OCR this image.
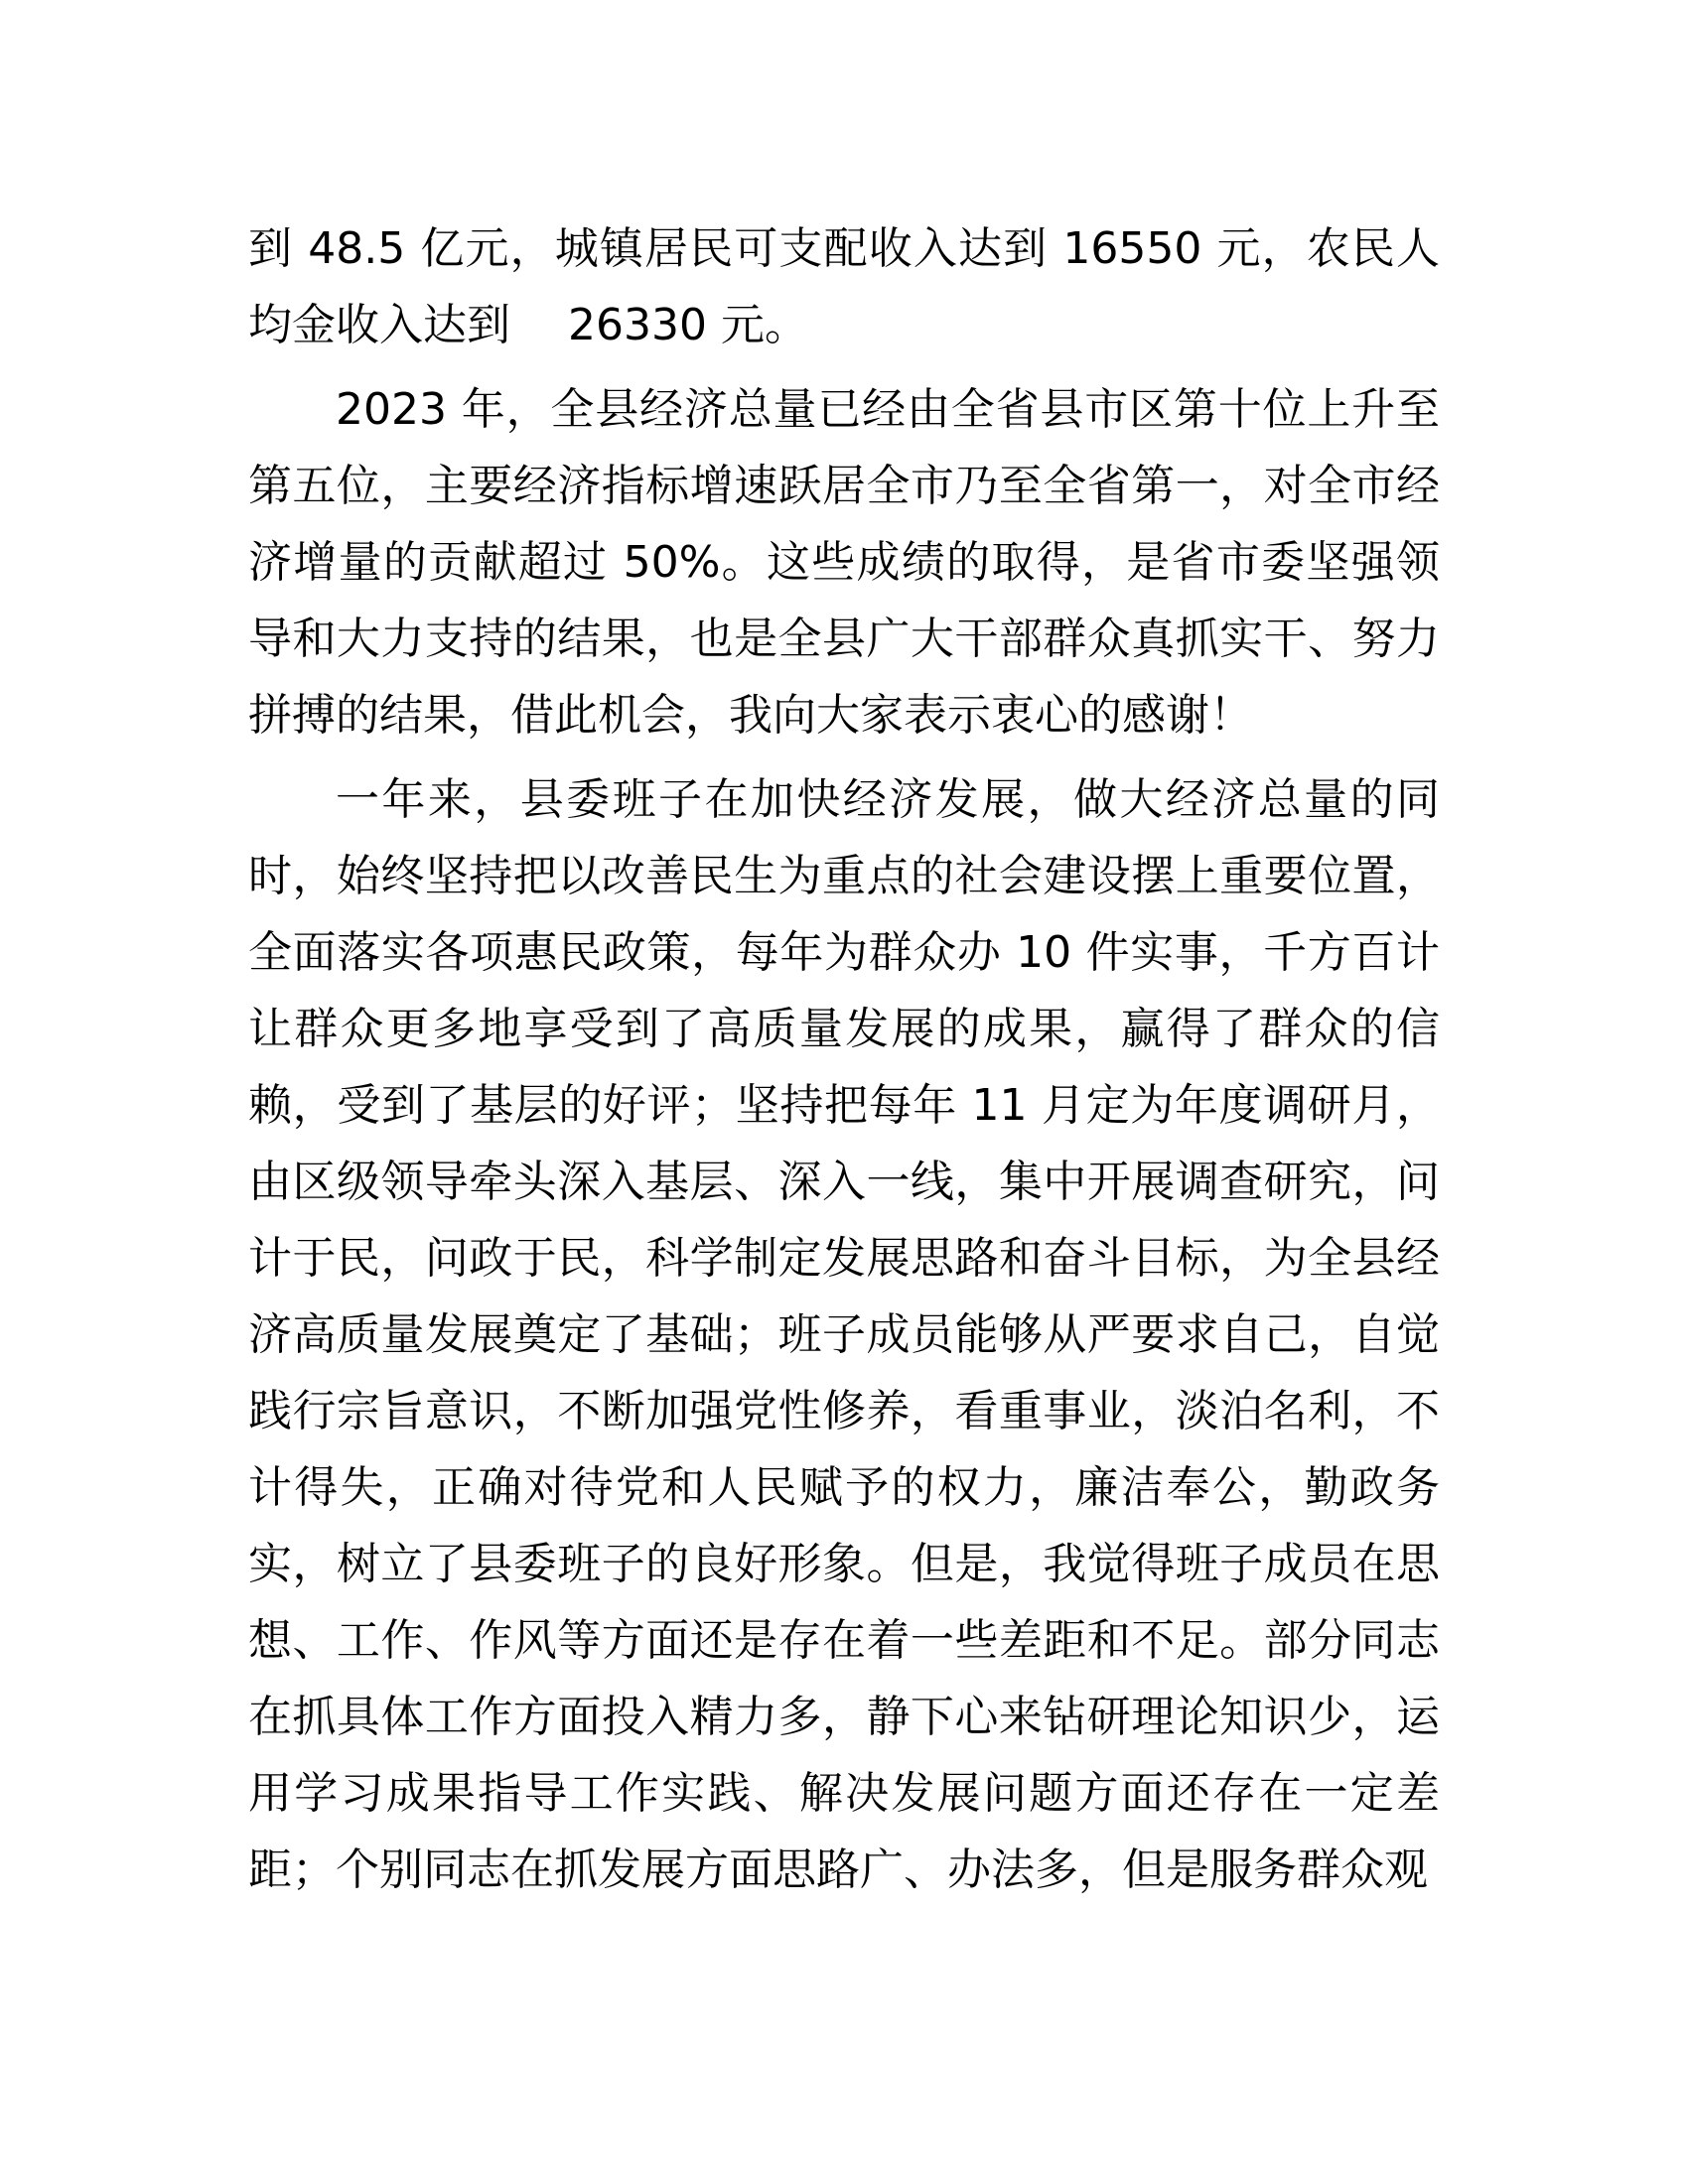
到 48.5 亿元，城镇居民可支配收入达到 16550 元，农民人均金收入达到　 26330 元。

2023 年，全县经济总量已经由全省县市区第十位上升至第五位，主要经济指标增速跃居全市乃至全省第一，对全市经济增量的贡献超过 50%。这些成绩的取得，是省市委坚强领导和大力支持的结果，也是全县广大干部群众真抓实干、努力拼搏的结果，借此机会，我向大家表示衷心的感谢！

一年来，县委班子在加快经济发展，做大经济总量的同时，始终坚持把以改善民生为重点的社会建设摆上重要位置，全面落实各项惠民政策，每年为群众办 10 件实事，千方百计让群众更多地享受到了高质量发展的成果，赢得了群众的信赖，受到了基层的好评；坚持把每年 11 月定为年度调研月，由区级领导牵头深入基层、深入一线，集中开展调查研究，问计于民，问政于民，科学制定发展思路和奋斗目标，为全县经济高质量发展奠定了基础；班子成员能够从严要求自己，自觉践行宗旨意识，不断加强党性修养，看重事业，淡泊名利，不计得失，正确对待党和人民赋予的权力，廉洁奉公，勤政务实，树立了县委班子的良好形象。但是，我觉得班子成员在思想、工作、作风等方面还是存在着一些差距和不足。部分同志在抓具体工作方面投入精力多，静下心来钻研理论知识少，运用学习成果指导工作实践、解决发展问题方面还存在一定差距；个别同志在抓发展方面思路广、办法多，但是服务群众观
